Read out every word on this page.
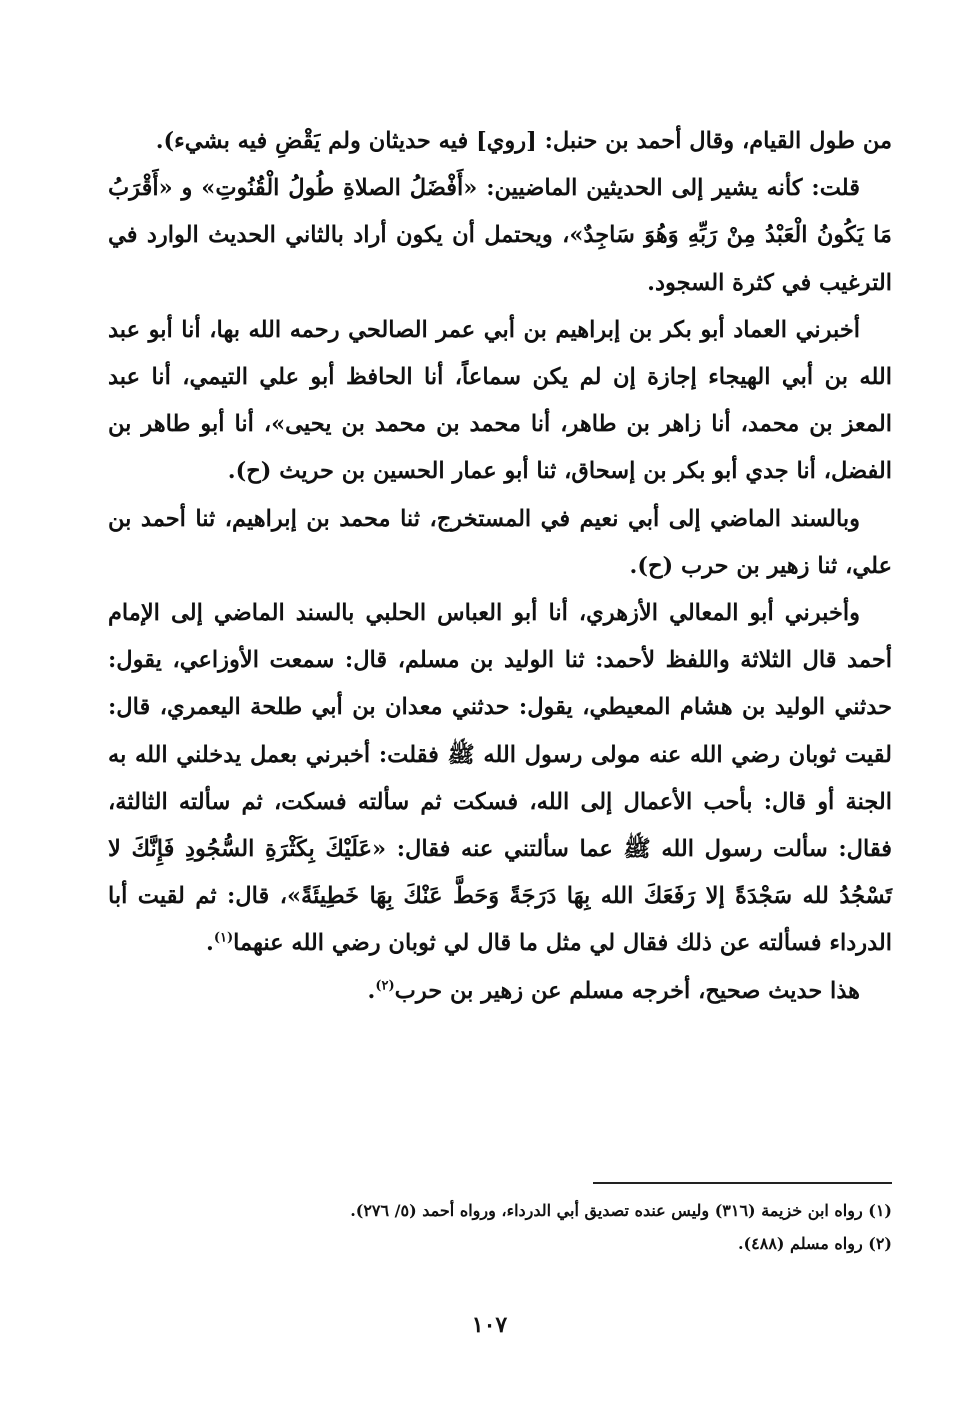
من طول القيام، وقال أحمد بن حنبل: [روي] فيه حديثان ولم يَقْضِ فيه بشيء).

قلت: كأنه يشير إلى الحديثين الماضيين: «أَفْضَلُ الصلاةِ طُولُ الْقُنُوتِ» و «أَقْرَبُ مَا يَكُونُ الْعَبْدُ مِنْ رَبِّهِ وَهُوَ سَاجِدٌ»، ويحتمل أن يكون أراد بالثاني الحديث الوارد في الترغيب في كثرة السجود.

أخبرني العماد أبو بكر بن إبراهيم بن أبي عمر الصالحي رحمه الله بها، أنا أبو عبد الله بن أبي الهيجاء إجازة إن لم يكن سماعاً، أنا الحافظ أبو علي التيمي، أنا عبد المعز بن محمد، أنا زاهر بن طاهر، أنا محمد بن محمد بن يحيى»، أنا أبو طاهر بن الفضل، أنا جدي أبو بكر بن إسحاق، ثنا أبو عمار الحسين بن حريث (ح).

وبالسند الماضي إلى أبي نعيم في المستخرج، ثنا محمد بن إبراهيم، ثنا أحمد بن علي، ثنا زهير بن حرب (ح).

وأخبرني أبو المعالي الأزهري، أنا أبو العباس الحلبي بالسند الماضي إلى الإمام أحمد قال الثلاثة واللفظ لأحمد: ثنا الوليد بن مسلم، قال: سمعت الأوزاعي، يقول: حدثني الوليد بن هشام المعيطي، يقول: حدثني معدان بن أبي طلحة اليعمري، قال: لقيت ثوبان رضي الله عنه مولى رسول الله ﷺ فقلت: أخبرني بعمل يدخلني الله به الجنة أو قال: بأحب الأعمال إلى الله، فسكت ثم سألته فسكت، ثم سألته الثالثة، فقال: سألت رسول الله ﷺ عما سألتني عنه فقال: «عَلَيْكَ بِكَثْرَةِ السُّجُودِ فَإِنَّكَ لا تَسْجُدُ لله سَجْدَةً إلا رَفَعَكَ الله بِهَا دَرَجَةً وَحَطَّ عَنْكَ بِهَا خَطِيئَةً»، قال: ثم لقيت أبا الدرداء فسألته عن ذلك فقال لي مثل ما قال لي ثوبان رضي الله عنهما$^{(١)}$.

هذا حديث صحيح، أخرجه مسلم عن زهير بن حرب$^{(٢)}$.

(١) رواه ابن خزيمة (٣١٦) وليس عنده تصديق أبي الدرداء، ورواه أحمد (٥/ ٢٧٦).

(٢) رواه مسلم (٤٨٨).

١٠٧
